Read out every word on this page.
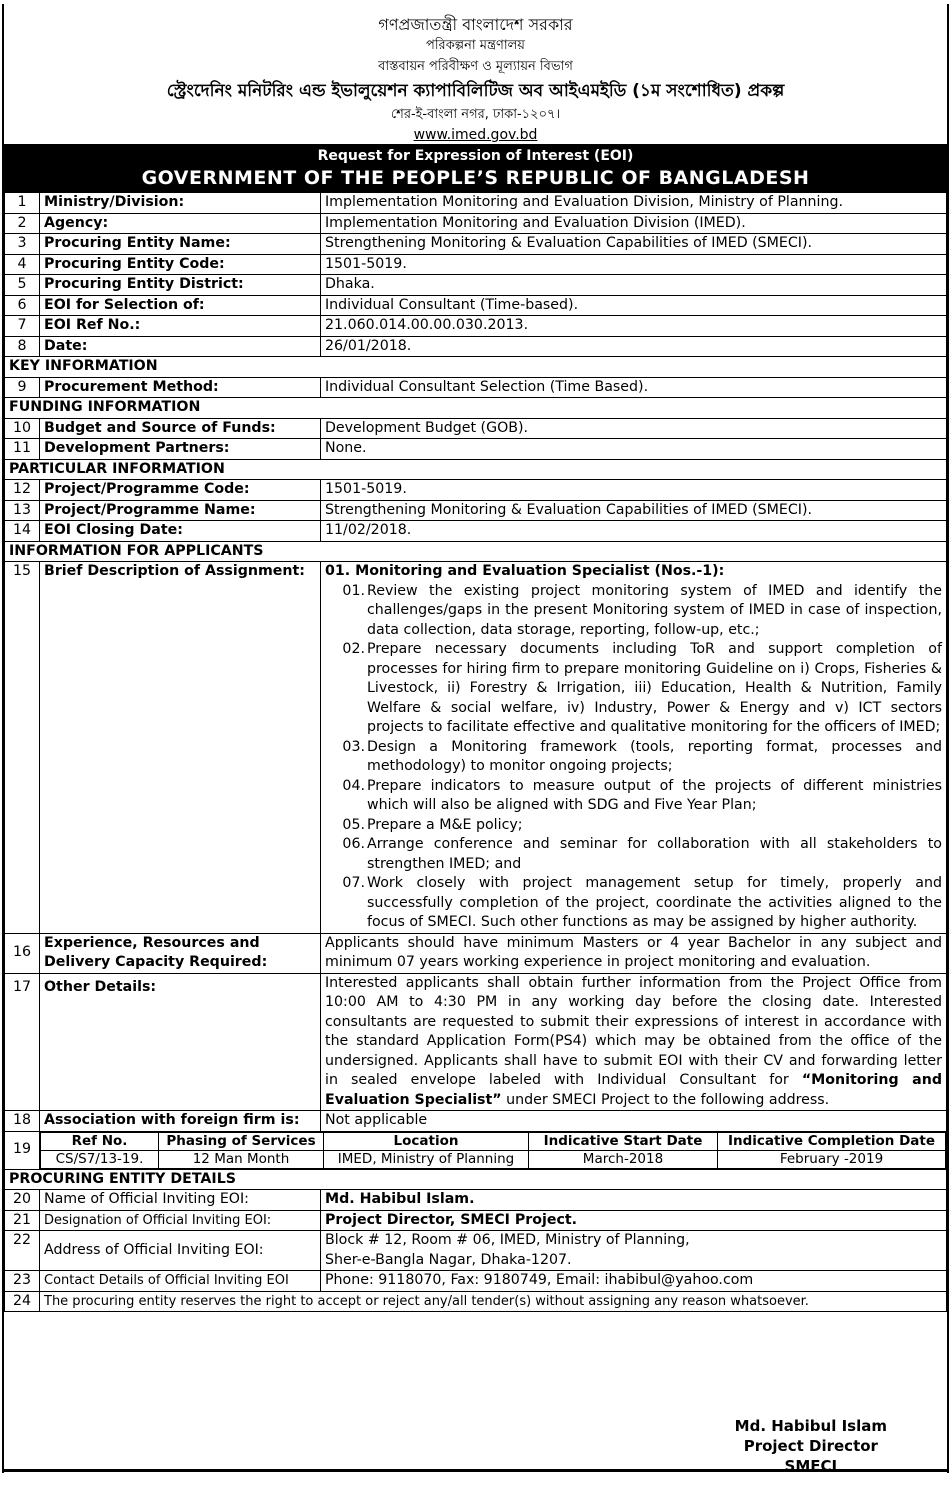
গণপ্রজাতন্ত্রী বাংলাদেশ সরকার
পরিকল্পনা মন্ত্রণালয়
বাস্তবায়ন পরিবীক্ষণ ও মূল্যায়ন বিভাগ
স্ট্রেংদেনিং মনিটরিং এন্ড ইভালুয়েশন ক্যাপাবিলিটিজ অব আইএমইডি (১ম সংশোধিত) প্রকল্প
শের-ই-বাংলা নগর, ঢাকা-১২০৭।
www.imed.gov.bd
Request for Expression of Interest (EOI)
GOVERNMENT OF THE PEOPLE’S REPUBLIC OF BANGLADESH
1	Ministry/Division:	Implementation Monitoring and Evaluation Division, Ministry of Planning.
2	Agency:	Implementation Monitoring and Evaluation Division (IMED).
3	Procuring Entity Name:	Strengthening Monitoring & Evaluation Capabilities of IMED (SMECI).
4	Procuring Entity Code:	1501-5019.
5	Procuring Entity District:	Dhaka.
6	EOI for Selection of:	Individual Consultant (Time-based).
7	EOI Ref No.:	21.060.014.00.00.030.2013.
8	Date:	26/01/2018.
KEY INFORMATION
9	Procurement Method:	Individual Consultant Selection (Time Based).
FUNDING INFORMATION
10	Budget and Source of Funds:	Development Budget (GOB).
11	Development Partners:	None.
PARTICULAR INFORMATION
12	Project/Programme Code:	1501-5019.
13	Project/Programme Name:	Strengthening Monitoring & Evaluation Capabilities of IMED (SMECI).
14	EOI Closing Date:	11/02/2018.
INFORMATION FOR APPLICANTS
15	Brief Description of Assignment:	01. Monitoring and Evaluation Specialist (Nos.-1):
01. Review the existing project monitoring system of IMED and identify the challenges/gaps in the present Monitoring system of IMED in case of inspection, data collection, data storage, reporting, follow-up, etc.;
02. Prepare necessary documents including ToR and support completion of processes for hiring firm to prepare monitoring Guideline on i) Crops, Fisheries & Livestock, ii) Forestry & Irrigation, iii) Education, Health & Nutrition, Family Welfare & social welfare, iv) Industry, Power & Energy and v) ICT sectors projects to facilitate effective and qualitative monitoring for the officers of IMED;
03. Design a Monitoring framework (tools, reporting format, processes and methodology) to monitor ongoing projects;
04. Prepare indicators to measure output of the projects of different ministries which will also be aligned with SDG and Five Year Plan;
05. Prepare a M&E policy;
06. Arrange conference and seminar for collaboration with all stakeholders to strengthen IMED; and
07. Work closely with project management setup for timely, properly and successfully completion of the project, coordinate the activities aligned to the focus of SMECI. Such other functions as may be assigned by higher authority.

16	Experience, Resources and Delivery Capacity Required:	Applicants should have minimum Masters or 4 year Bachelor in any subject and minimum 07 years working experience in project monitoring and evaluation.
17	Other Details:	Interested applicants shall obtain further information from the Project Office from 10:00 AM to 4:30 PM in any working day before the closing date. Interested consultants are requested to submit their expressions of interest in accordance with the standard Application Form(PS4) which may be obtained from the office of the undersigned. Applicants shall have to submit EOI with their CV and forwarding letter in sealed envelope labeled with Individual Consultant for “Monitoring and Evaluation Specialist” under SMECI Project to the following address.
18	Association with foreign firm is:	Not applicable
19	
Ref No.	Phasing of Services	Location	Indicative Start Date	Indicative Completion Date
CS/S7/13-19.	12 Man Month	IMED, Ministry of Planning	March-2018	February -2019

PROCURING ENTITY DETAILS
20	Name of Official Inviting EOI:	Md. Habibul Islam.
21	Designation of Official Inviting EOI:	Project Director, SMECI Project.
22	Address of Official Inviting EOI:	
Block # 12, Room # 06, IMED, Ministry of Planning,
Sher-e-Bangla Nagar, Dhaka-1207.

23	Contact Details of Official Inviting EOI	Phone: 9118070, Fax: 9180749, Email: ihabibul@yahoo.com
24	The procuring entity reserves the right to accept or reject any/all tender(s) without assigning any reason whatsoever.
Md. Habibul Islam
Project Director
SMECI
